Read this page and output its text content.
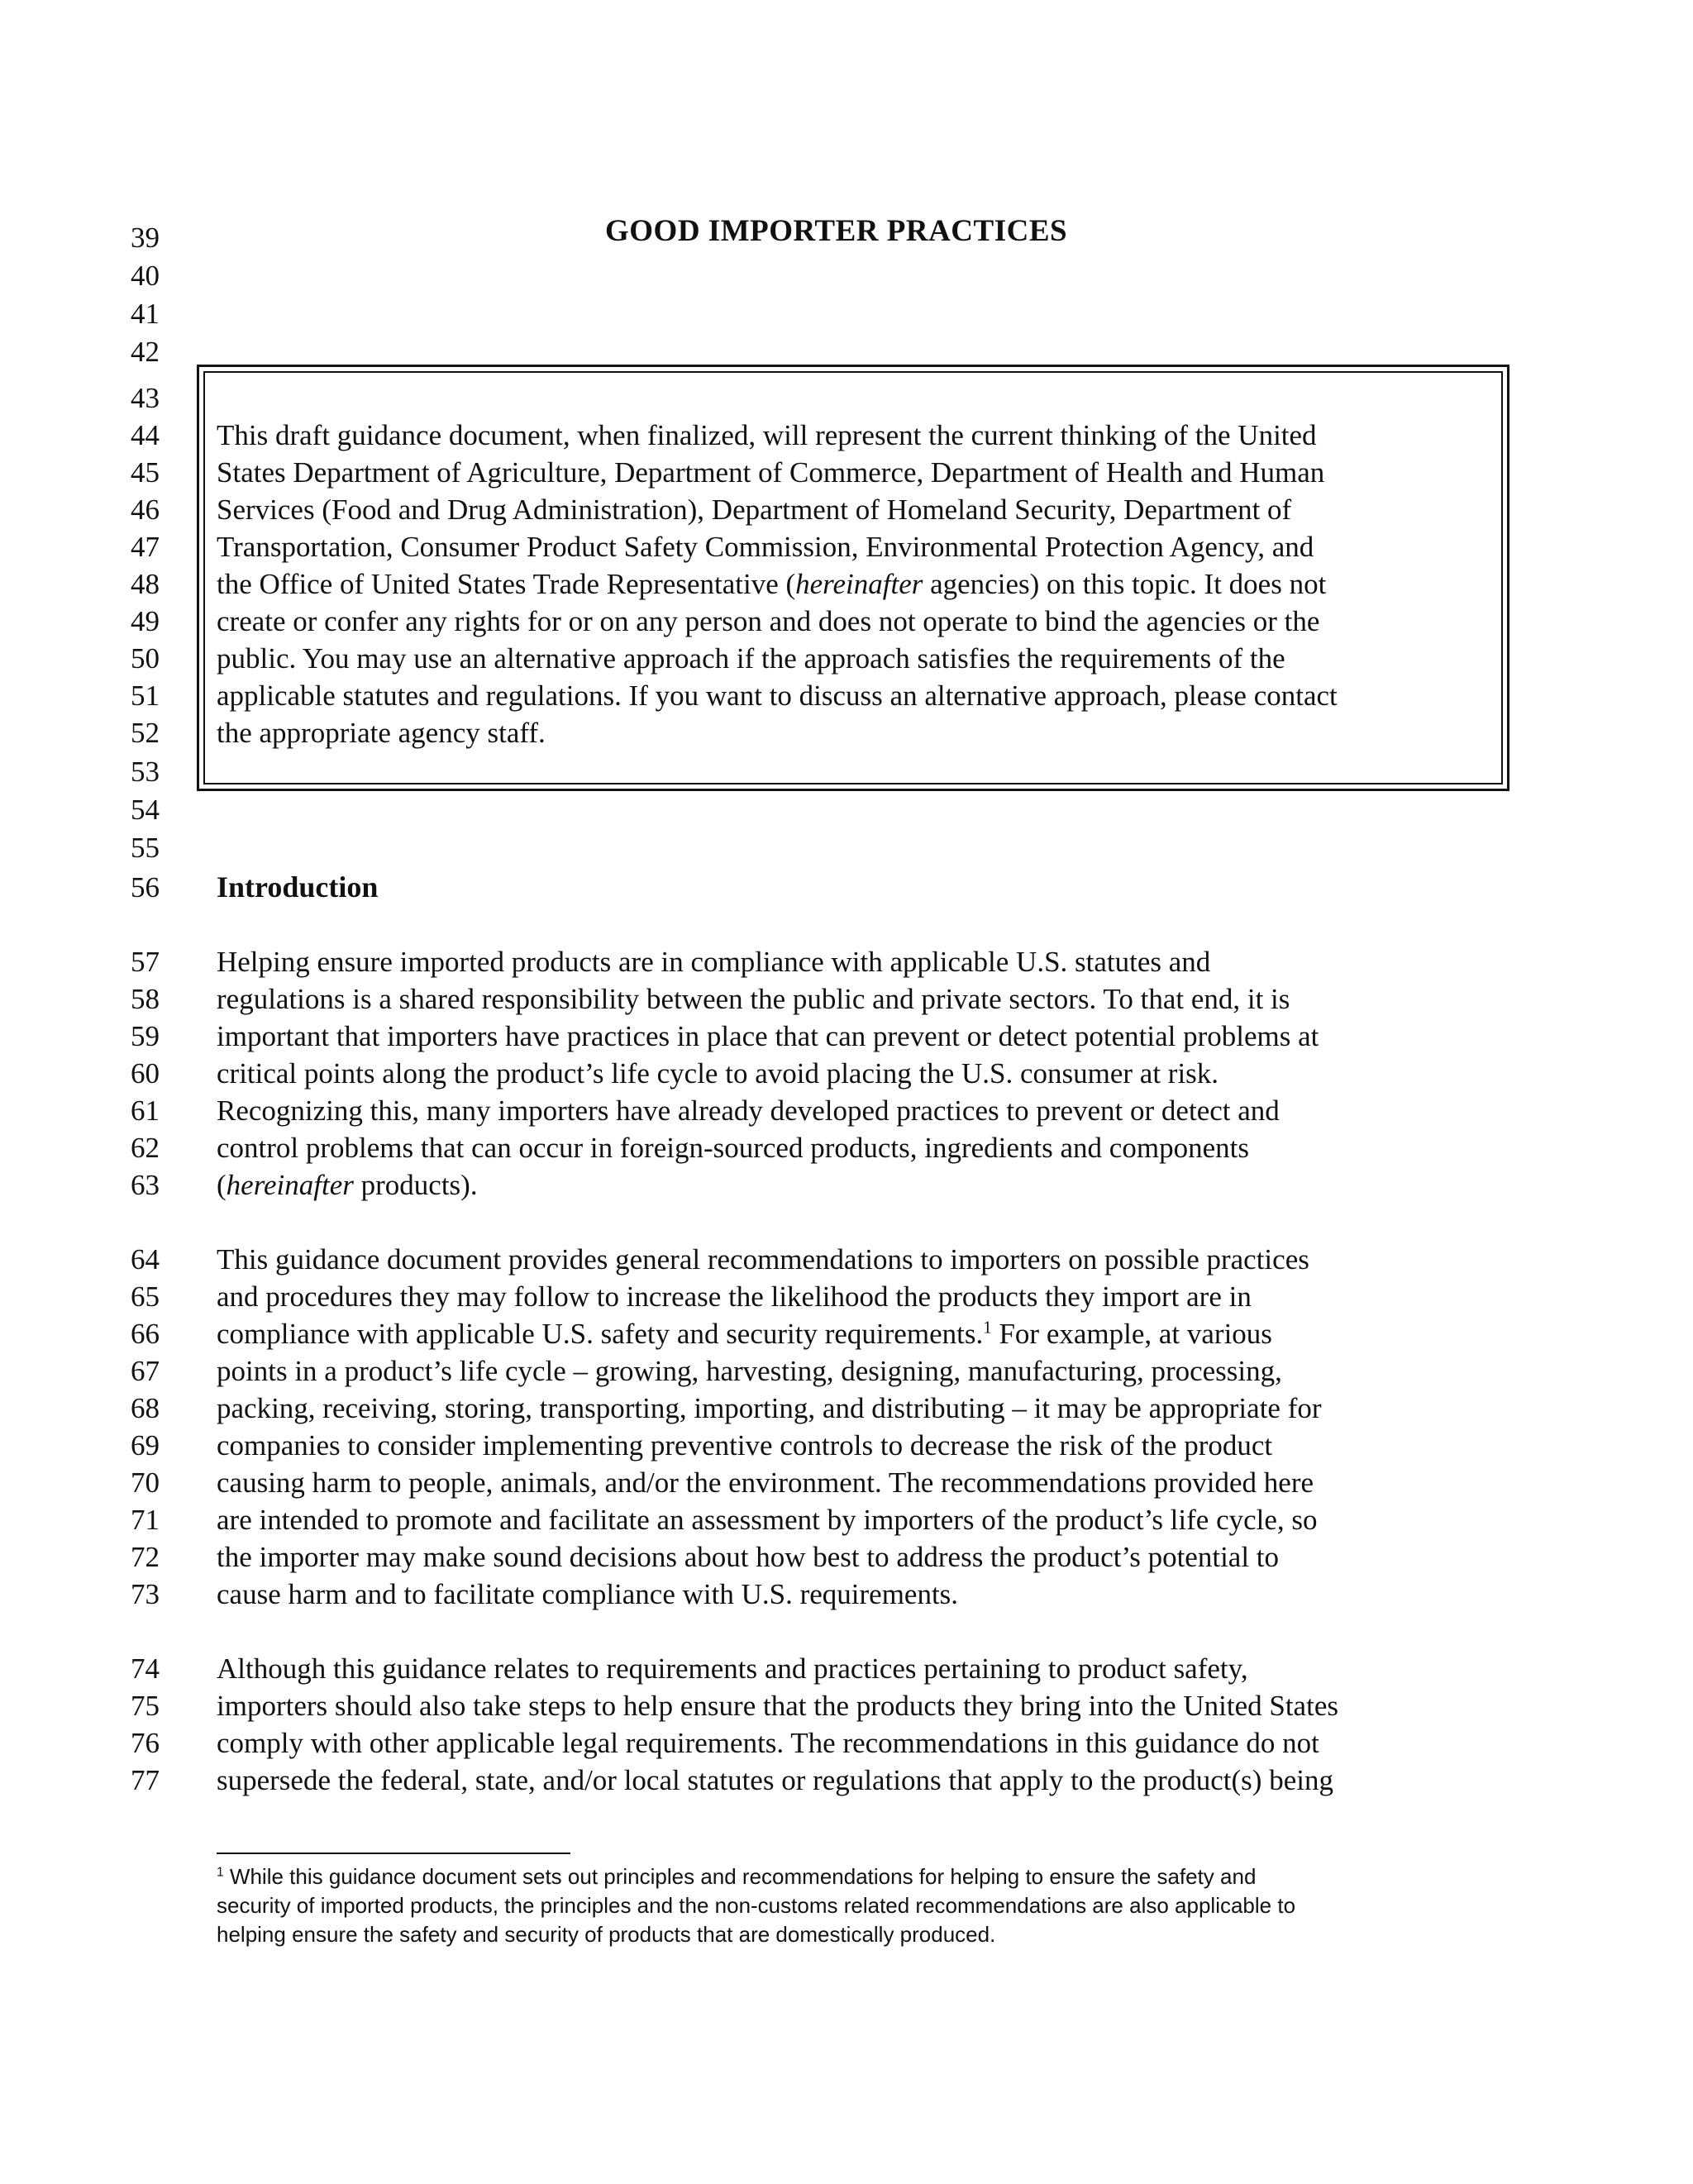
39
40
41
42
43
44
45
46
47
48
49
50
51
52
53
54
55
56
57
58
59
60
61
62
63
64
65
66
67
68
69
70
71
72
73
74
75
76
77
GOOD IMPORTER PRACTICES
This draft guidance document, when finalized, will represent the current thinking of the United
States Department of Agriculture, Department of Commerce, Department of Health and Human
Services (Food and Drug Administration), Department of Homeland Security, Department of
Transportation, Consumer Product Safety Commission, Environmental Protection Agency, and
the Office of United States Trade Representative (hereinafter agencies) on this topic. It does not
create or confer any rights for or on any person and does not operate to bind the agencies or the
public. You may use an alternative approach if the approach satisfies the requirements of the
applicable statutes and regulations. If you want to discuss an alternative approach, please contact
the appropriate agency staff.
Introduction
Helping ensure imported products are in compliance with applicable U.S. statutes and
regulations is a shared responsibility between the public and private sectors. To that end, it is
important that importers have practices in place that can prevent or detect potential problems at
critical points along the product’s life cycle to avoid placing the U.S. consumer at risk.
Recognizing this, many importers have already developed practices to prevent or detect and
control problems that can occur in foreign-sourced products, ingredients and components
(hereinafter products).
This guidance document provides general recommendations to importers on possible practices
and procedures they may follow to increase the likelihood the products they import are in
compliance with applicable U.S. safety and security requirements.$^1$ For example, at various
points in a product’s life cycle – growing, harvesting, designing, manufacturing, processing,
packing, receiving, storing, transporting, importing, and distributing – it may be appropriate for
companies to consider implementing preventive controls to decrease the risk of the product
causing harm to people, animals, and/or the environment. The recommendations provided here
are intended to promote and facilitate an assessment by importers of the product’s life cycle, so
the importer may make sound decisions about how best to address the product’s potential to
cause harm and to facilitate compliance with U.S. requirements.
Although this guidance relates to requirements and practices pertaining to product safety,
importers should also take steps to help ensure that the products they bring into the United States
comply with other applicable legal requirements. The recommendations in this guidance do not
supersede the federal, state, and/or local statutes or regulations that apply to the product(s) being
$^1$ While this guidance document sets out principles and recommendations for helping to ensure the safety and
security of imported products, the principles and the non-customs related recommendations are also applicable to
helping ensure the safety and security of products that are domestically produced.
